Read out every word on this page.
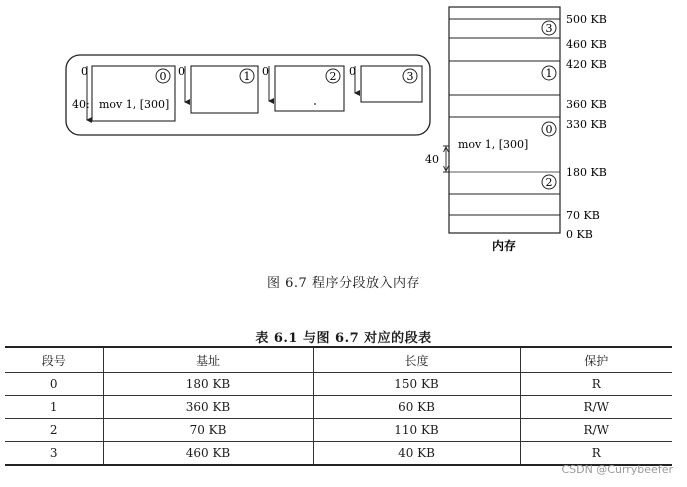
0	0
40: mov 1, [300]
0	1 0	2 0	3
3
1
0
2
mov 1, [300]
40
500 KB
460 KB
420 KB
360 KB
330 KB
180 KB
70 KB
0 KB
内存
图 6.7 程序分段放入内存
表 6.1 与图 6.7 对应的段表
段号	基址	长度	保护
0	180 KB	150 KB	R
1	360 KB	60 KB	R/W
2	70 KB	110 KB	R/W
3	460 KB	40 KB	R
CSDN @Currybeefer
